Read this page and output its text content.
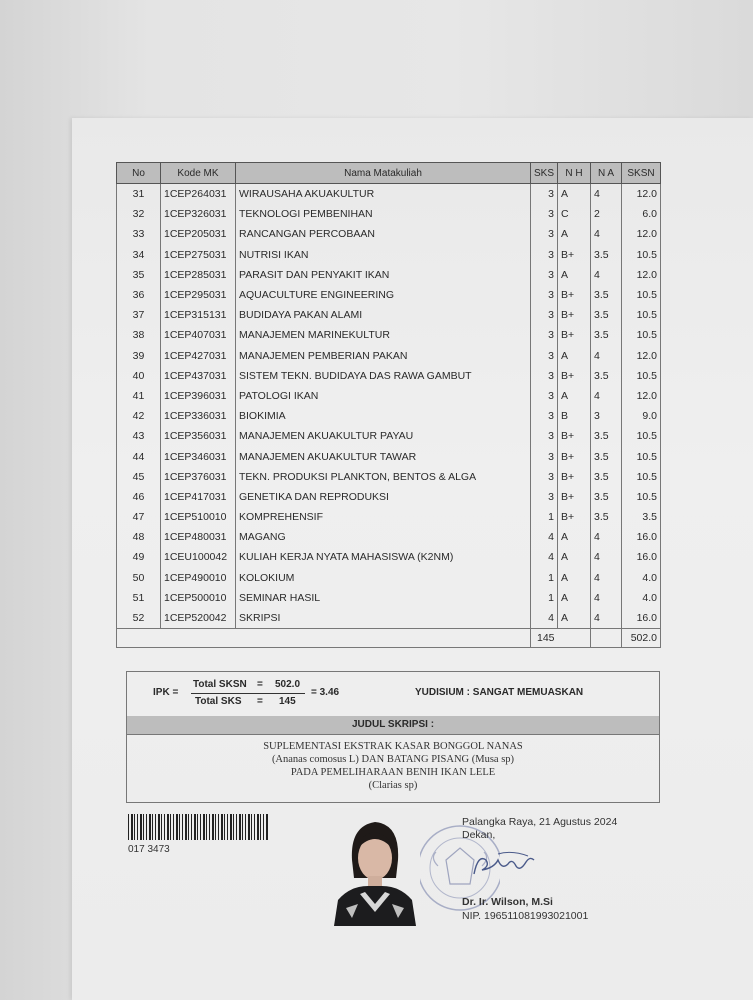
No	Kode MK	Nama Matakuliah	SKS	N H	N A	SKSN
31	1CEP264031	WIRAUSAHA AKUAKULTUR	3	A	4	12.0
32	1CEP326031	TEKNOLOGI PEMBENIHAN	3	C	2	6.0
33	1CEP205031	RANCANGAN PERCOBAAN	3	A	4	12.0
34	1CEP275031	NUTRISI IKAN	3	B+	3.5	10.5
35	1CEP285031	PARASIT DAN PENYAKIT IKAN	3	A	4	12.0
36	1CEP295031	AQUACULTURE ENGINEERING	3	B+	3.5	10.5
37	1CEP315131	BUDIDAYA PAKAN ALAMI	3	B+	3.5	10.5
38	1CEP407031	MANAJEMEN MARINEKULTUR	3	B+	3.5	10.5
39	1CEP427031	MANAJEMEN PEMBERIAN PAKAN	3	A	4	12.0
40	1CEP437031	SISTEM TEKN. BUDIDAYA DAS RAWA GAMBUT	3	B+	3.5	10.5
41	1CEP396031	PATOLOGI IKAN	3	A	4	12.0
42	1CEP336031	BIOKIMIA	3	B	3	9.0
43	1CEP356031	MANAJEMEN AKUAKULTUR PAYAU	3	B+	3.5	10.5
44	1CEP346031	MANAJEMEN AKUAKULTUR TAWAR	3	B+	3.5	10.5
45	1CEP376031	TEKN. PRODUKSI PLANKTON, BENTOS & ALGA	3	B+	3.5	10.5
46	1CEP417031	GENETIKA DAN REPRODUKSI	3	B+	3.5	10.5
47	1CEP510010	KOMPREHENSIF	1	B+	3.5	3.5
48	1CEP480031	MAGANG	4	A	4	16.0
49	1CEU100042	KULIAH KERJA NYATA MAHASISWA (K2NM)	4	A	4	16.0
50	1CEP490010	KOLOKIUM	1	A	4	4.0
51	1CEP500010	SEMINAR HASIL	1	A	4	4.0
52	1CEP520042	SKRIPSI	4	A	4	16.0
			145			502.0
IPK =
Total SKSN = 502.0
Total SKS = 145
= 3.46	YUDISIUM : SANGAT MEMUASKAN
JUDUL SKRIPSI :
SUPLEMENTASI EKSTRAK KASAR BONGGOL NANAS
(Ananas comosus L) DAN BATANG PISANG (Musa sp)
PADA PEMELIHARAAN BENIH IKAN LELE
(Clarias sp)
017 3473
Palangka Raya, 21 Agustus 2024
Dekan,
Dr. Ir. Wilson, M.Si
NIP. 196511081993021001
